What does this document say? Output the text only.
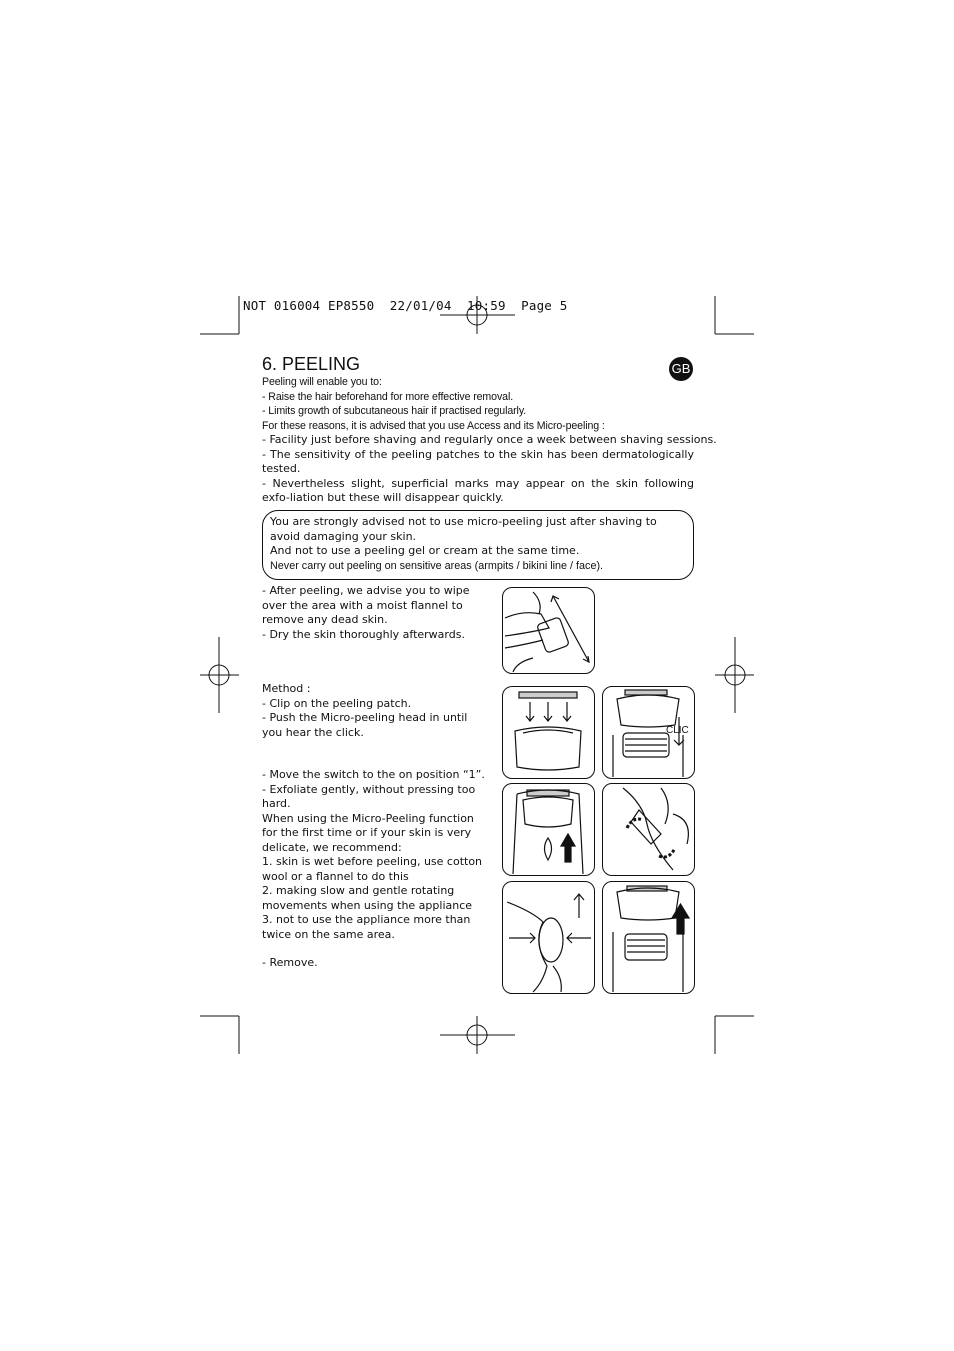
NOT 016004 EP8550  22/01/04  10:59  Page 5
6. PEELING	GB
Peeling will enable you to:
- Raise the hair beforehand for more effective removal.
- Limits growth of subcutaneous hair if practised regularly.
For these reasons, it is advised that you use Access and its Micro-peeling :
- Facility just before shaving and regularly once a week between shaving sessions.
- The sensitivity of the peeling patches to the skin has been dermatologically tested.
- Nevertheless slight, superficial marks may appear on the skin following exfo-liation but these will disappear quickly.
You are strongly advised not to use micro-peeling just after shaving to avoid damaging your skin.
And not to use a peeling gel or cream at the same time.
Never carry out peeling on sensitive areas (armpits / bikini line / face).
- After peeling, we advise you to wipe over the area with a moist flannel to remove any dead skin.
- Dry the skin thoroughly afterwards.
Method :
- Clip on the peeling patch.
- Push the Micro-peeling head in until you hear the click.
- Move the switch to the on position “1”.
- Exfoliate gently, without pressing too hard.
When using the Micro-Peeling function for the first time or if your skin is very delicate, we recommend:
1. skin is wet before peeling, use cotton wool or a flannel to do this
2. making slow and gentle rotating movements when using the appliance
3. not to use the appliance more than twice on the same area.
- Remove.
CLIC
